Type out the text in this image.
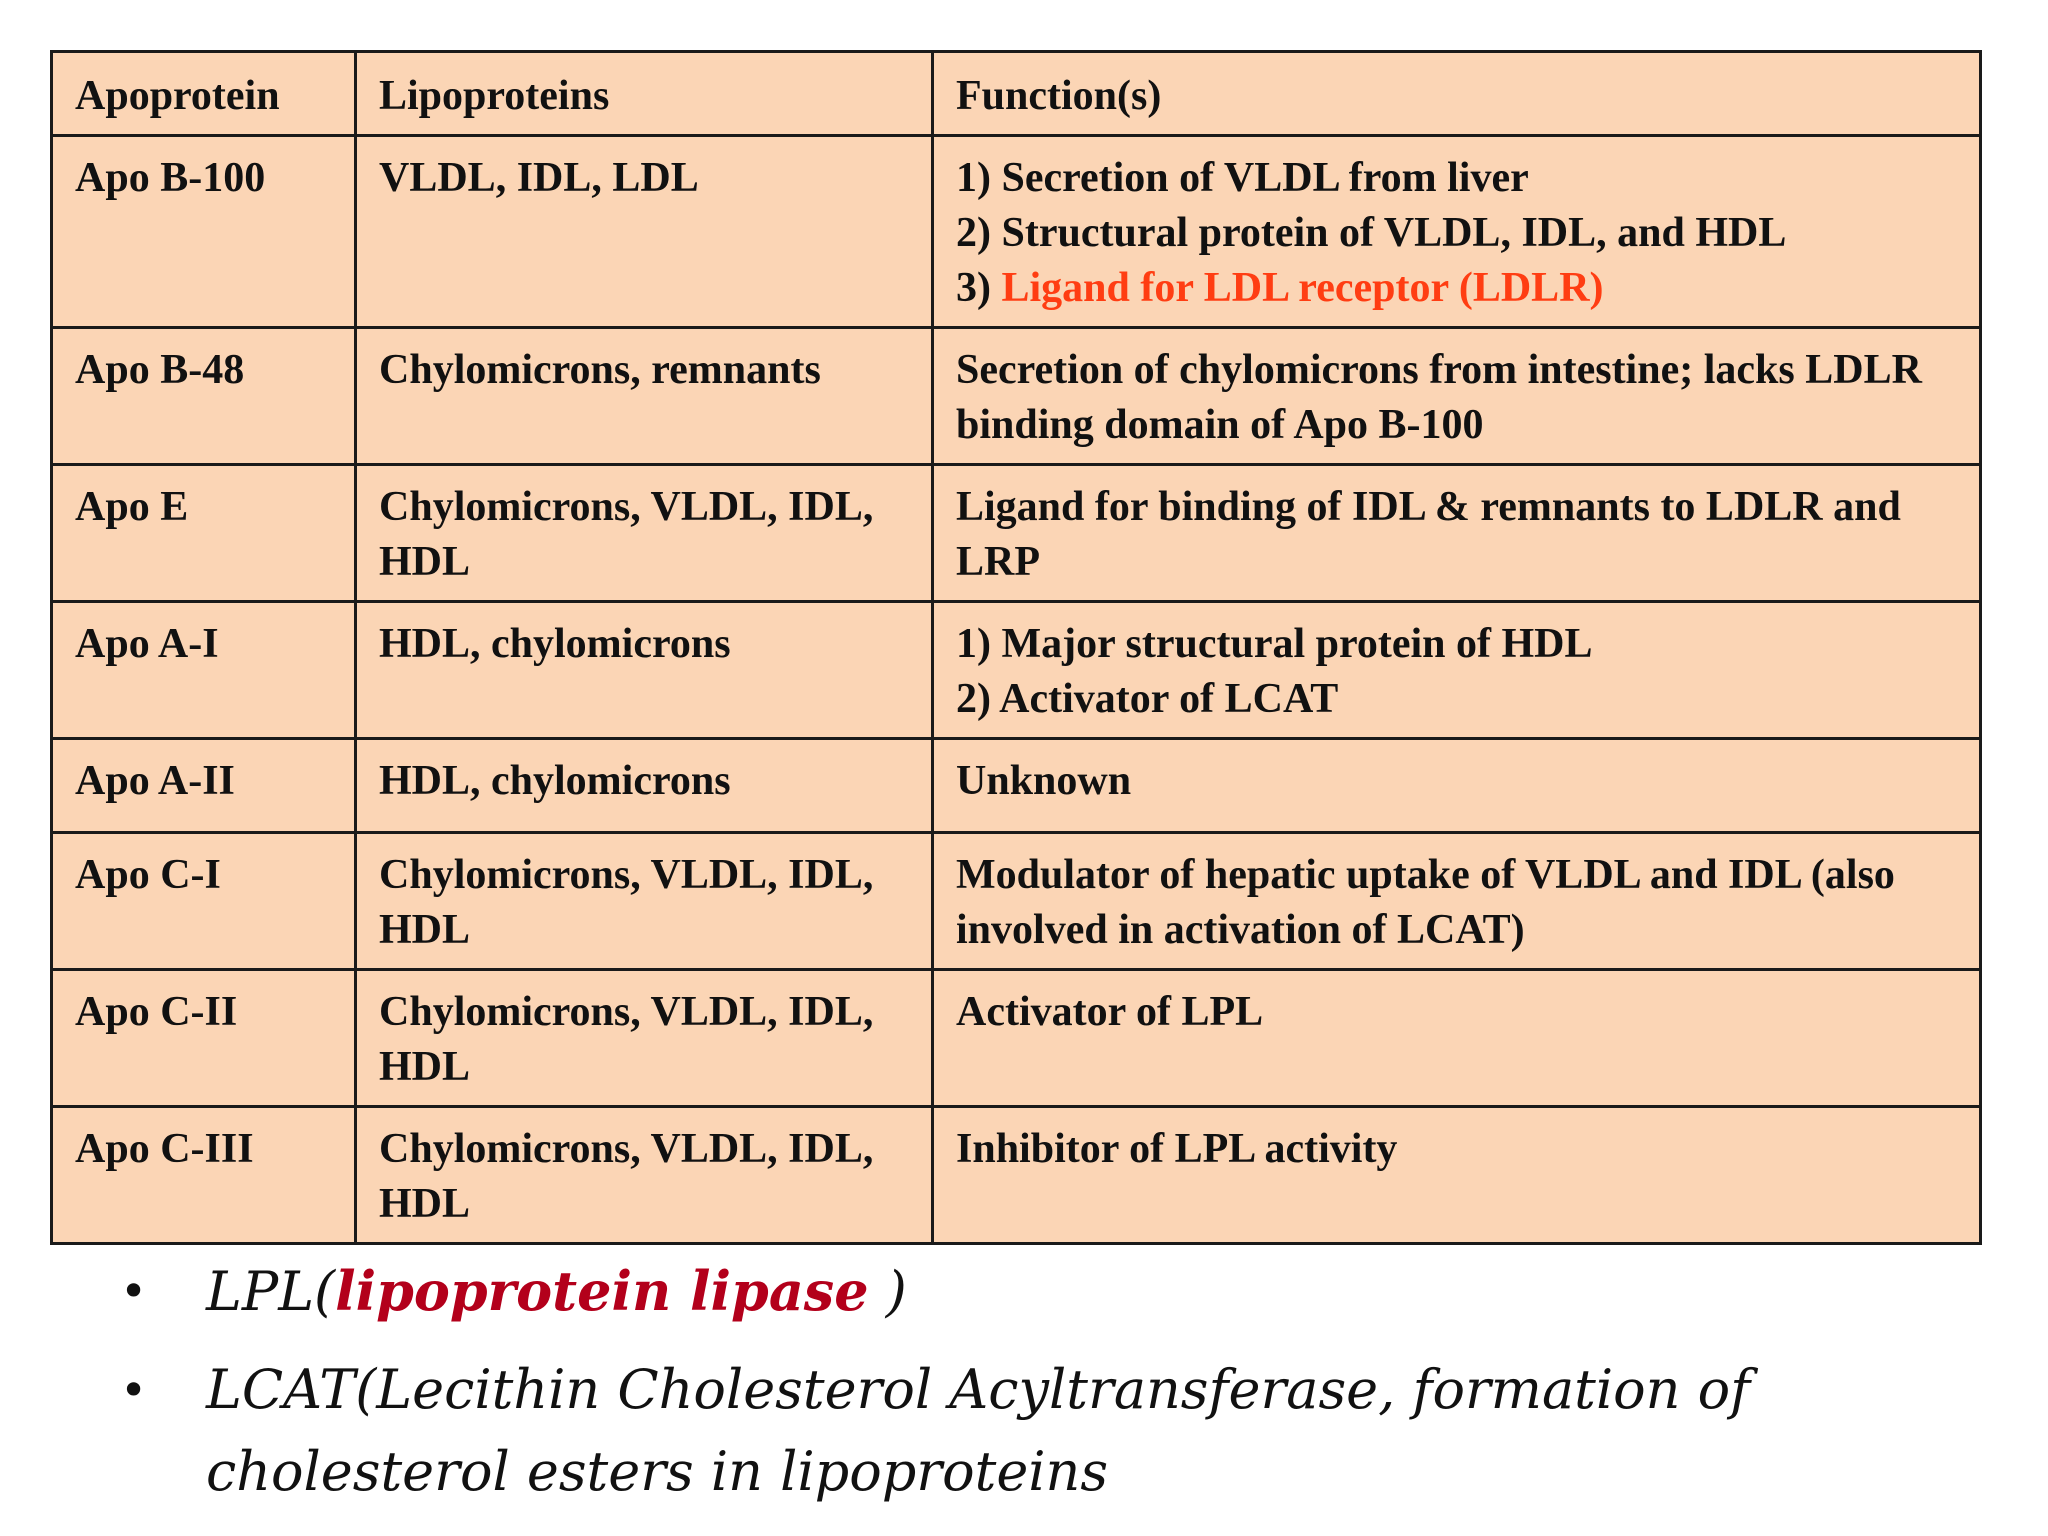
Apoprotein	Lipoproteins	Function(s)
Apo B-100	VLDL, IDL, LDL	1) Secretion of VLDL from liver
2) Structural protein of VLDL, IDL, and HDL
3) Ligand for LDL receptor (LDLR)

Apo B-48	Chylomicrons, remnants	Secretion of chylomicrons from intestine; lacks LDLR binding domain of Apo B-100
Apo E	Chylomicrons, VLDL, IDL, HDL	Ligand for binding of IDL & remnants to LDLR and LRP
Apo A-I	HDL, chylomicrons	1) Major structural protein of HDL
2) Activator of LCAT

Apo A-II	HDL, chylomicrons	Unknown
Apo C-I	Chylomicrons, VLDL, IDL, HDL	Modulator of hepatic uptake of VLDL and IDL (also involved in activation of LCAT)
Apo C-II	Chylomicrons, VLDL, IDL, HDL	Activator of LPL
Apo C-III	Chylomicrons, VLDL, IDL, HDL	Inhibitor of LPL activity
• LPL(lipoprotein lipase )
• LCAT(Lecithin Cholesterol Acyltransferase, formation of cholesterol esters in lipoproteins
